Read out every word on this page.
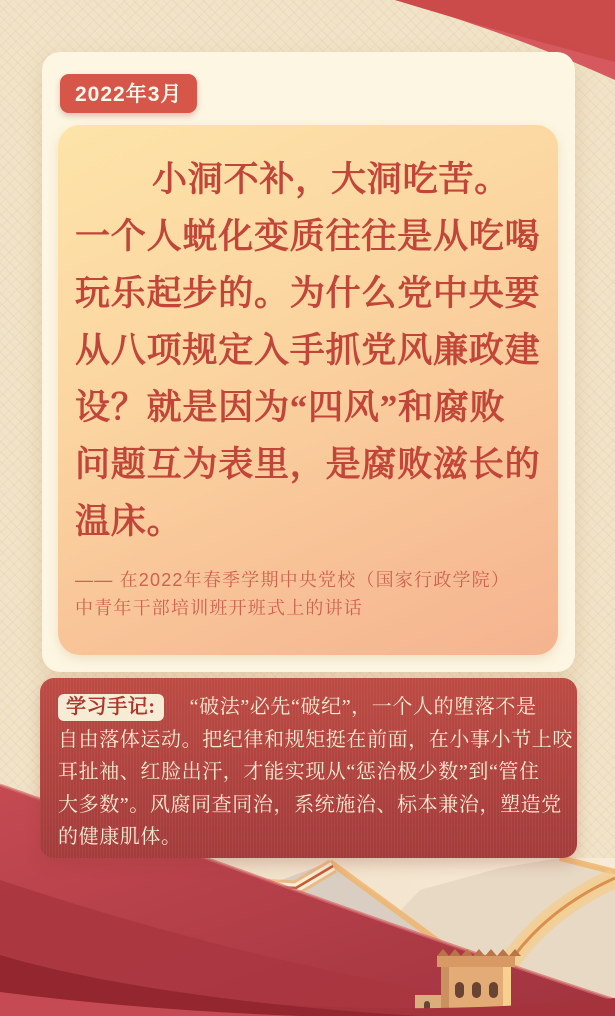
2022年3月
小洞不补，大洞吃苦。
一个人蜕化变质往往是从吃喝
玩乐起步的。为什么党中央要
从八项规定入手抓党风廉政建
设？就是因为“四风”和腐败
问题互为表里，是腐败滋长的
温床。
—— 在2022年春季学期中央党校（国家行政学院）
中青年干部培训班开班式上的讲话
学习手记: “破法”必先“破纪”，一个人的堕落不是
自由落体运动。把纪律和规矩挺在前面，在小事小节上咬
耳扯袖、红脸出汗，才能实现从“惩治极少数”到“管住
大多数”。风腐同查同治，系统施治、标本兼治，塑造党
的健康肌体。
